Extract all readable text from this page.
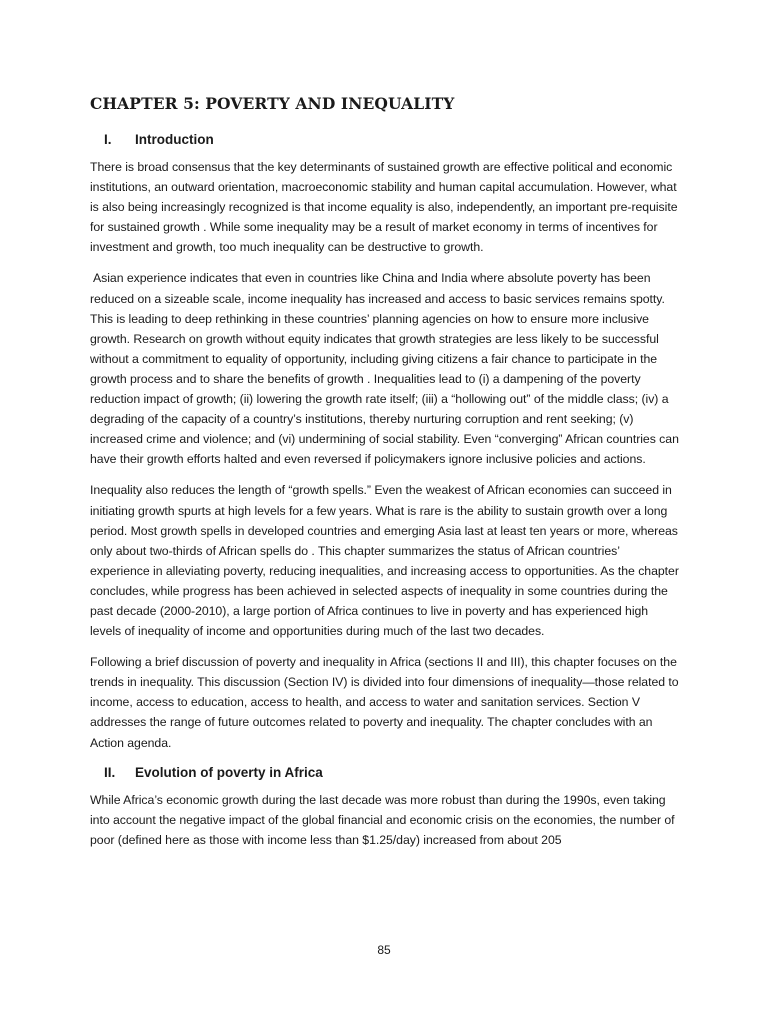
CHAPTER 5: POVERTY AND INEQUALITY
I.	Introduction

There is broad consensus that the key determinants of sustained growth are effective political and economic institutions, an outward orientation, macroeconomic stability and human capital accumulation. However, what is also being increasingly recognized is that income equality is also, independently, an important pre-requisite for sustained growth . While some inequality may be a result of market economy in terms of incentives for investment and growth, too much inequality can be destructive to growth.

Asian experience indicates that even in countries like China and India where absolute poverty has been reduced on a sizeable scale, income inequality has increased and access to basic services remains spotty. This is leading to deep rethinking in these countries’ planning agencies on how to ensure more inclusive growth. Research on growth without equity indicates that growth strategies are less likely to be successful without a commitment to equality of opportunity, including giving citizens a fair chance to participate in the growth process and to share the benefits of growth . Inequalities lead to (i) a dampening of the poverty reduction impact of growth; (ii) lowering the growth rate itself; (iii) a “hollowing out” of the middle class; (iv) a degrading of the capacity of a country’s institutions, thereby nurturing corruption and rent seeking; (v) increased crime and violence; and (vi) undermining of social stability. Even “converging” African countries can have their growth efforts halted and even reversed if policymakers ignore inclusive policies and actions.

Inequality also reduces the length of “growth spells.” Even the weakest of African economies can succeed in initiating growth spurts at high levels for a few years. What is rare is the ability to sustain growth over a long period. Most growth spells in developed countries and emerging Asia last at least ten years or more, whereas only about two-thirds of African spells do . This chapter summarizes the status of African countries’ experience in alleviating poverty, reducing inequalities, and increasing access to opportunities. As the chapter concludes, while progress has been achieved in selected aspects of inequality in some countries during the past decade (2000-2010), a large portion of Africa continues to live in poverty and has experienced high levels of inequality of income and opportunities during much of the last two decades.

Following a brief discussion of poverty and inequality in Africa (sections II and III), this chapter focuses on the trends in inequality. This discussion (Section IV) is divided into four dimensions of inequality—those related to income, access to education, access to health, and access to water and sanitation services. Section V addresses the range of future outcomes related to poverty and inequality. The chapter concludes with an Action agenda.

II.	Evolution of poverty in Africa

While Africa’s economic growth during the last decade was more robust than during the 1990s, even taking into account the negative impact of the global financial and economic crisis on the economies, the number of poor (defined here as those with income less than $1.25/day) increased from about 205

85
